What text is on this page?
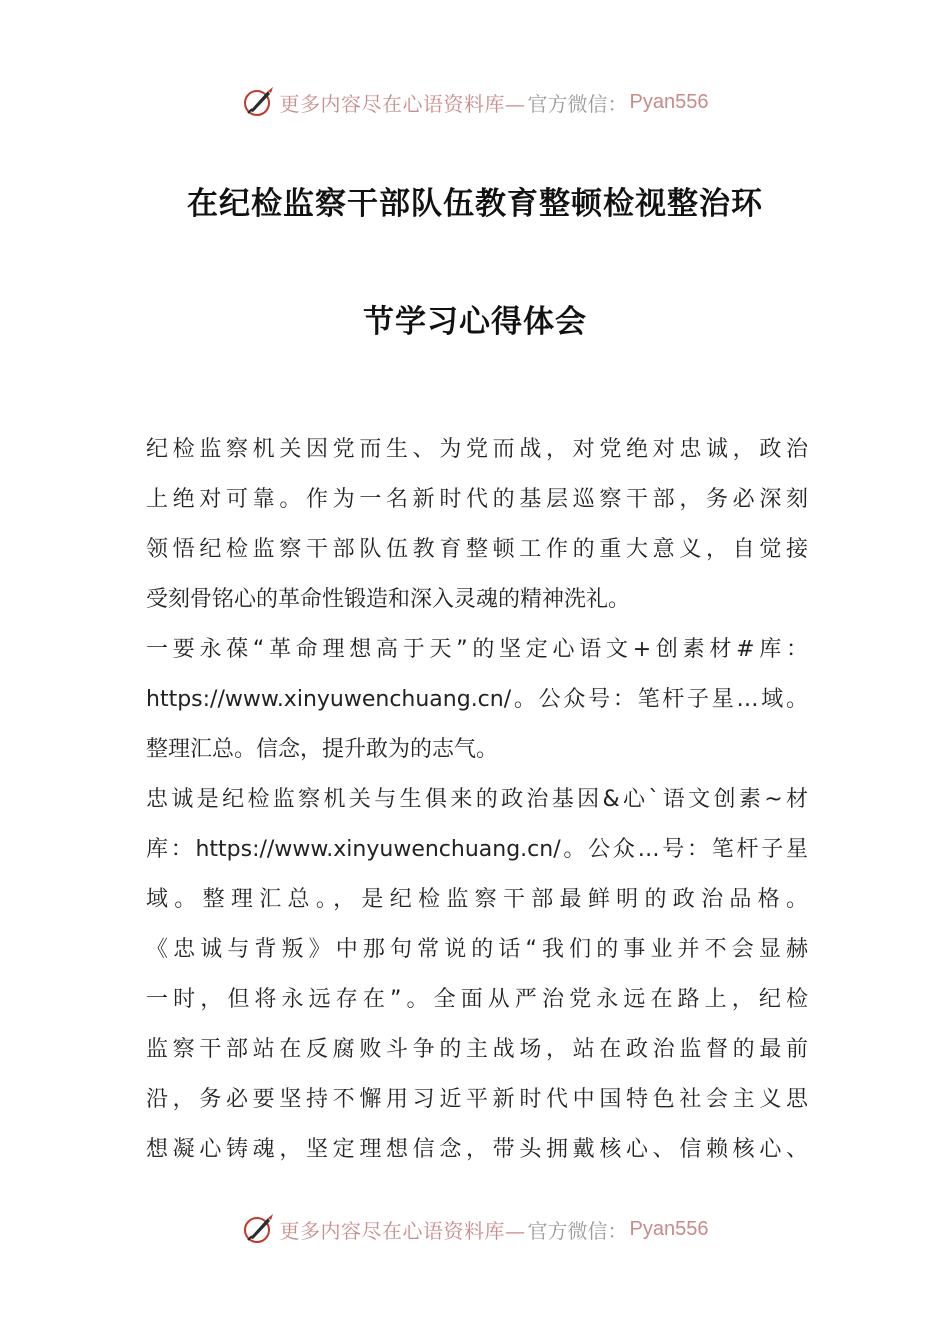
更多内容尽在心语资料库— 官方微信： Pyan556
在纪检监察干部队伍教育整顿检视整治环
节学习心得体会
纪检监察机关因党而生、为党而战，对党绝对忠诚，政治
上绝对可靠。作为一名新时代的基层巡察干部，务必深刻
领悟纪检监察干部队伍教育整顿工作的重大意义，自觉接
受刻骨铭心的革命性锻造和深入灵魂的精神洗礼。
一要永葆“革命理想高于天”的坚定心语文+创素材#库：
https://www.xinyuwenchuang.cn/。公众号：笔杆子星…域。
整理汇总。信念，提升敢为的志气。
忠诚是纪检监察机关与生俱来的政治基因&心`语文创素~材
库：https://www.xinyuwenchuang.cn/。公众…号：笔杆子星
域。整理汇总。，是纪检监察干部最鲜明的政治品格。
《忠诚与背叛》中那句常说的话“我们的事业并不会显赫
一时，但将永远存在”。全面从严治党永远在路上，纪检
监察干部站在反腐败斗争的主战场，站在政治监督的最前
沿，务必要坚持不懈用习近平新时代中国特色社会主义思
想凝心铸魂，坚定理想信念，带头拥戴核心、信赖核心、
更多内容尽在心语资料库— 官方微信： Pyan556
